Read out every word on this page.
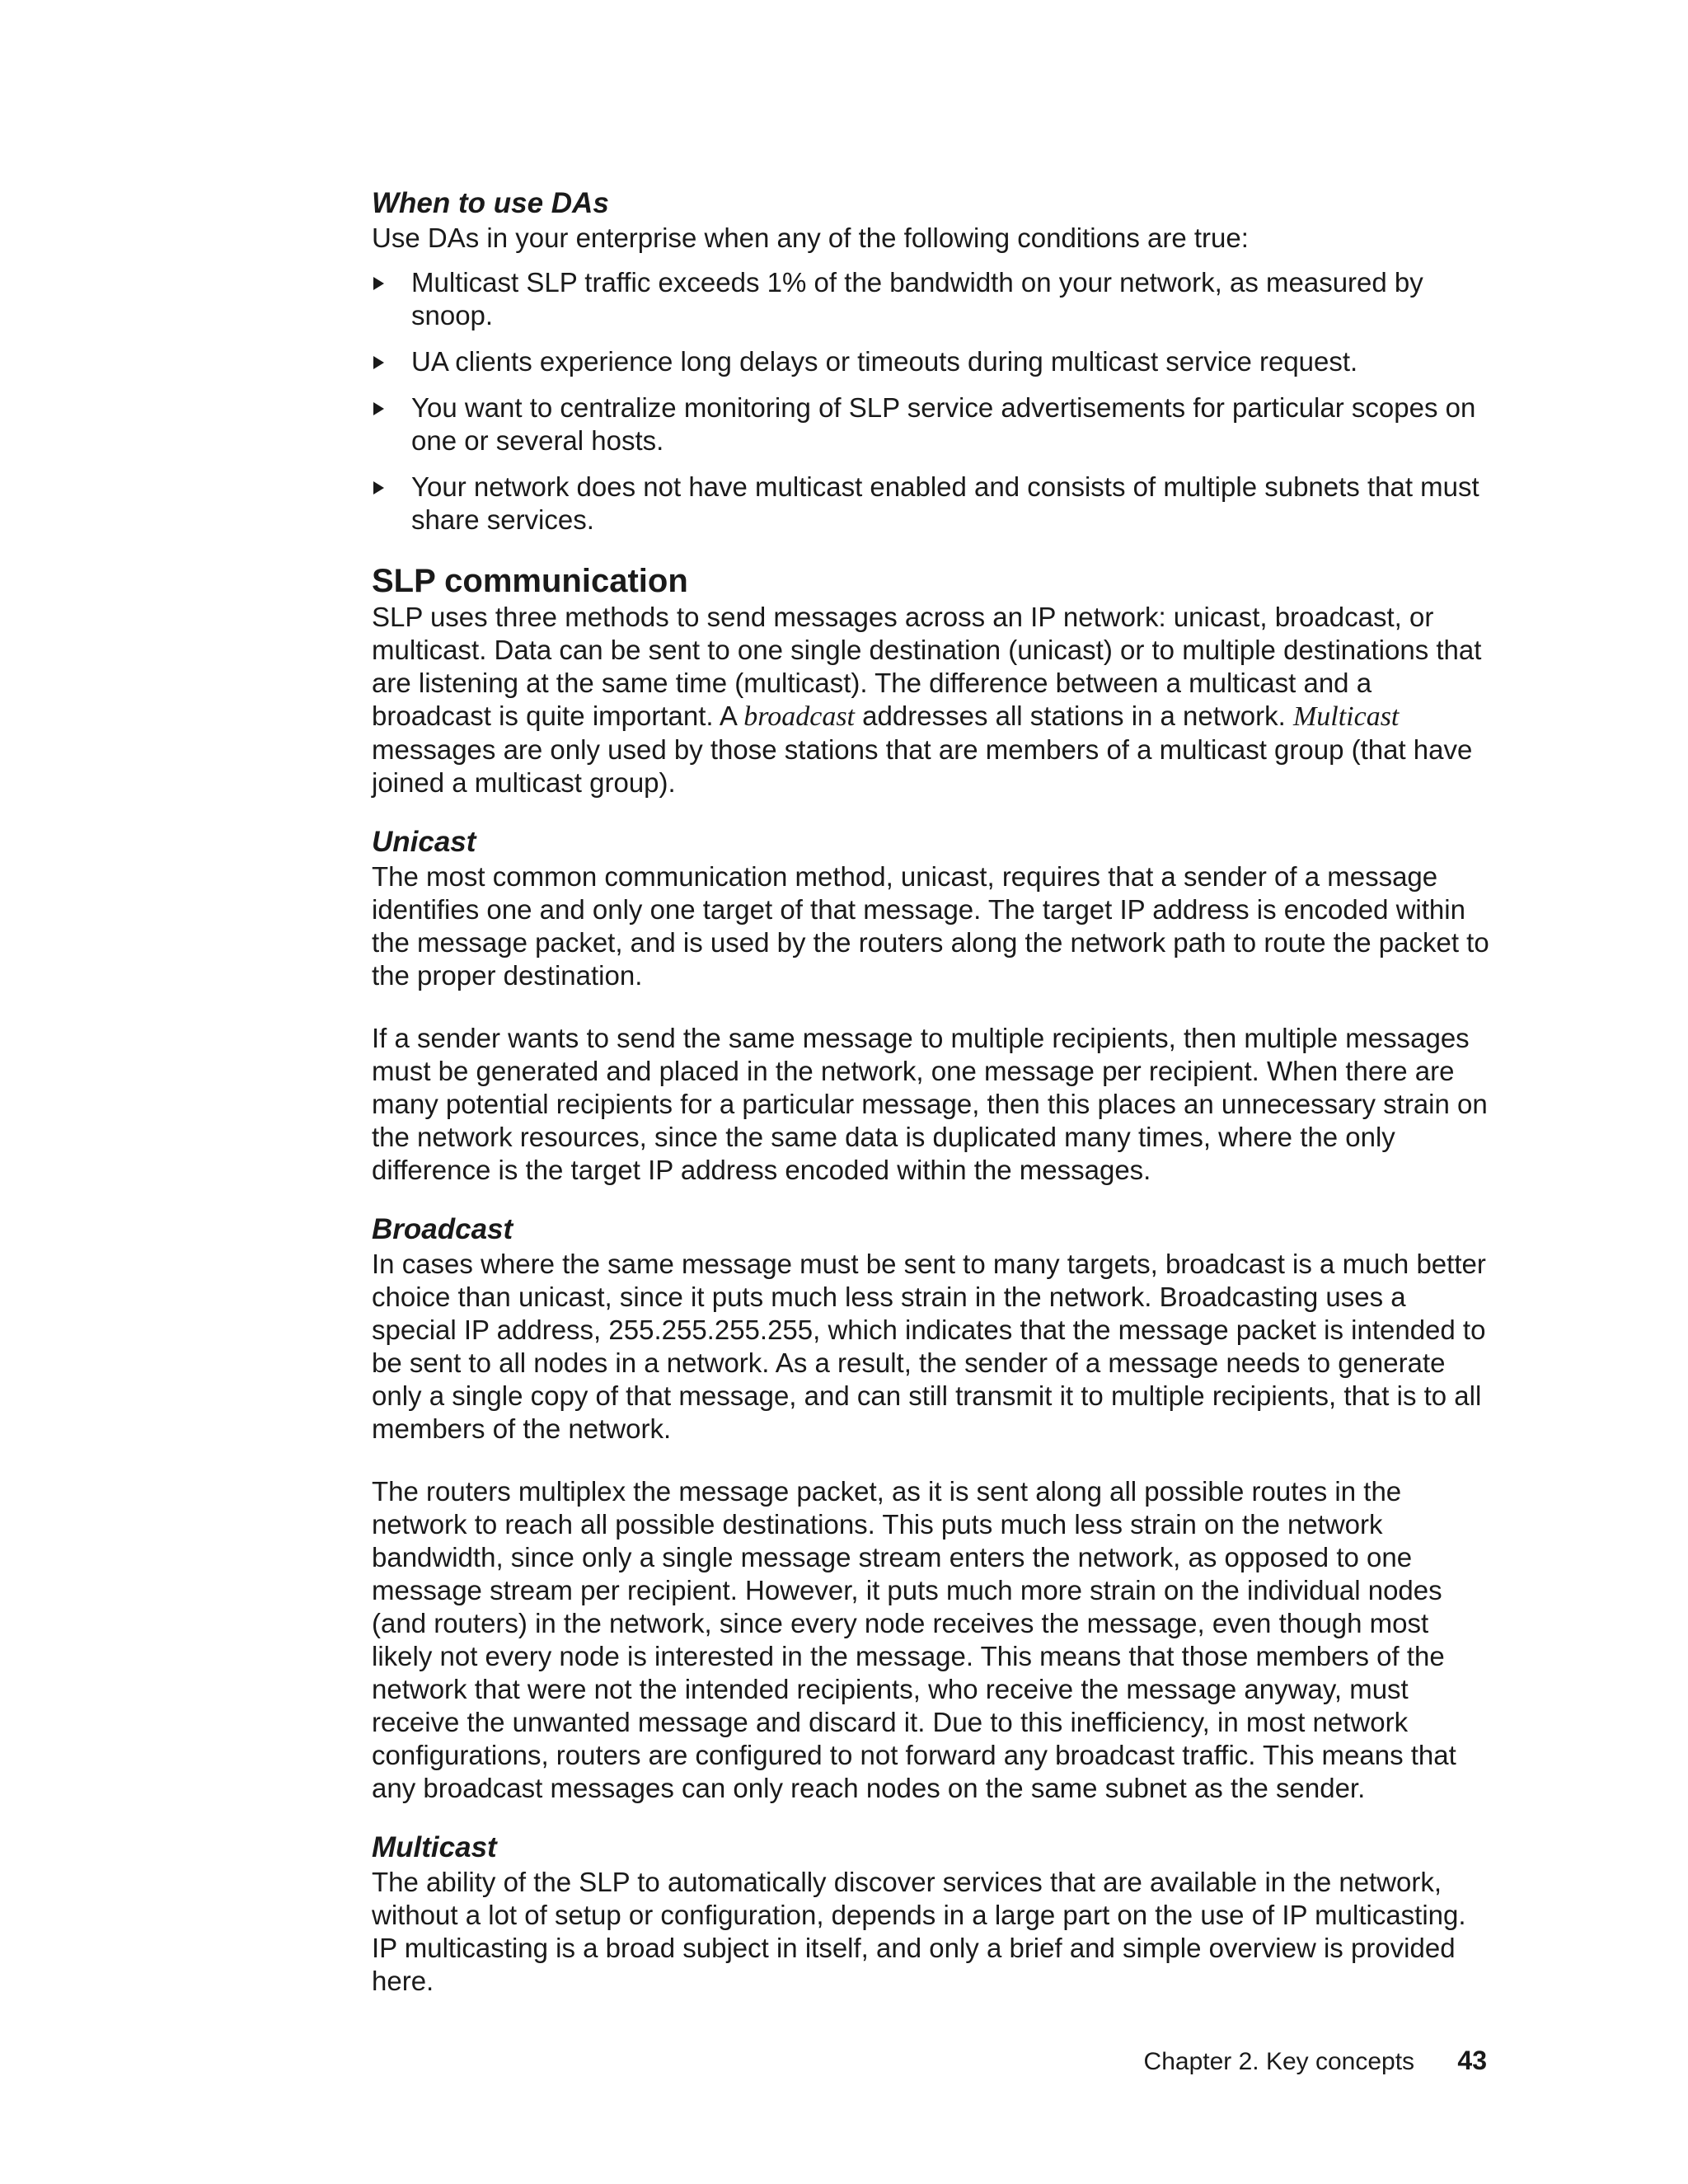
When to use DAs

Use DAs in your enterprise when any of the following conditions are true:

Multicast SLP traffic exceeds 1% of the bandwidth on your network, as measured by snoop.
UA clients experience long delays or timeouts during multicast service request.
You want to centralize monitoring of SLP service advertisements for particular scopes on one or several hosts.
Your network does not have multicast enabled and consists of multiple subnets that must share services.
SLP communication

SLP uses three methods to send messages across an IP network: unicast, broadcast, or multicast. Data can be sent to one single destination (unicast) or to multiple destinations that are listening at the same time (multicast). The difference between a multicast and a broadcast is quite important. A broadcast addresses all stations in a network. Multicast messages are only used by those stations that are members of a multicast group (that have joined a multicast group).

Unicast

The most common communication method, unicast, requires that a sender of a message identifies one and only one target of that message. The target IP address is encoded within the message packet, and is used by the routers along the network path to route the packet to the proper destination.

If a sender wants to send the same message to multiple recipients, then multiple messages must be generated and placed in the network, one message per recipient. When there are many potential recipients for a particular message, then this places an unnecessary strain on the network resources, since the same data is duplicated many times, where the only difference is the target IP address encoded within the messages.

Broadcast

In cases where the same message must be sent to many targets, broadcast is a much better choice than unicast, since it puts much less strain in the network. Broadcasting uses a special IP address, 255.255.255.255, which indicates that the message packet is intended to be sent to all nodes in a network. As a result, the sender of a message needs to generate only a single copy of that message, and can still transmit it to multiple recipients, that is to all members of the network.

The routers multiplex the message packet, as it is sent along all possible routes in the network to reach all possible destinations. This puts much less strain on the network bandwidth, since only a single message stream enters the network, as opposed to one message stream per recipient. However, it puts much more strain on the individual nodes (and routers) in the network, since every node receives the message, even though most likely not every node is interested in the message. This means that those members of the network that were not the intended recipients, who receive the message anyway, must receive the unwanted message and discard it. Due to this inefficiency, in most network configurations, routers are configured to not forward any broadcast traffic. This means that any broadcast messages can only reach nodes on the same subnet as the sender.

Multicast

The ability of the SLP to automatically discover services that are available in the network, without a lot of setup or configuration, depends in a large part on the use of IP multicasting. IP multicasting is a broad subject in itself, and only a brief and simple overview is provided here.

Chapter 2. Key concepts 43
